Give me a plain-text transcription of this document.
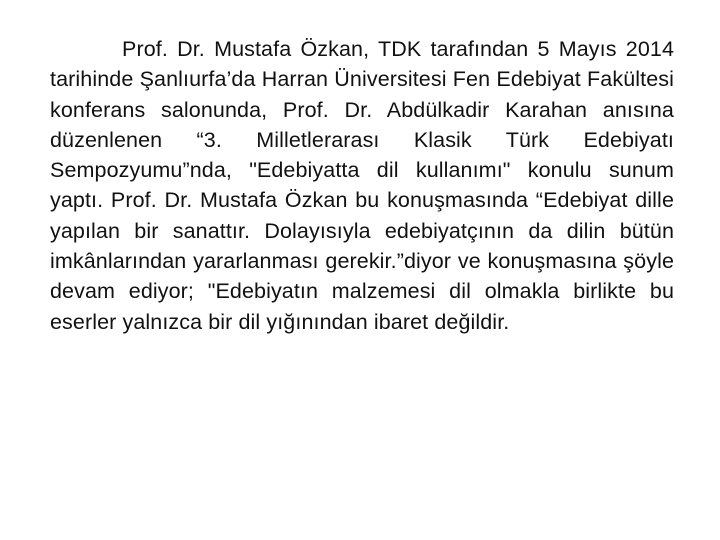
Prof. Dr. Mustafa Özkan, TDK tarafından 5 Mayıs 2014 tarihinde Şanlıurfa’da Harran Üniversitesi Fen Edebiyat Fakültesi konferans salonunda, Prof. Dr. Abdülkadir Karahan anısına düzenlenen “3. Milletlerarası Klasik Türk Edebiyatı Sempozyumu”nda, "Edebiyatta dil kullanımı" konulu sunum yaptı. Prof. Dr. Mustafa Özkan bu konuşmasında “Edebiyat dille yapılan bir sanattır. Dolayısıyla edebiyatçının da dilin bütün imkânlarından yararlanması gerekir.”diyor ve konuşmasına şöyle devam ediyor; "Edebiyatın malzemesi dil olmakla birlikte bu eserler yalnızca bir dil yığınından ibaret değildir.
